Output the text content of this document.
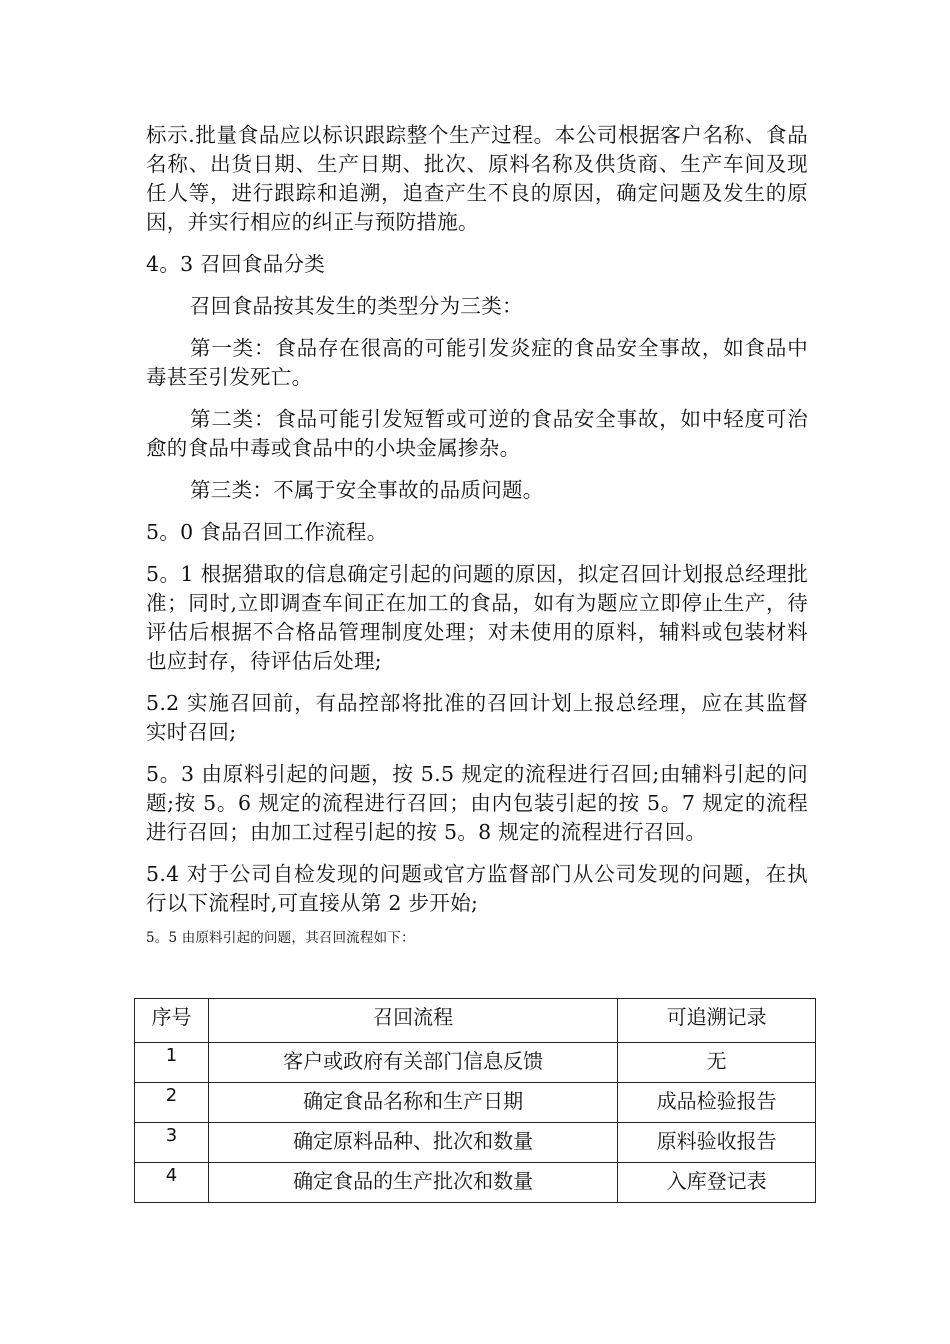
标示.批量食品应以标识跟踪整个生产过程。本公司根据客户名称、食品名称、出货日期、生产日期、批次、原料名称及供货商、生产车间及现任人等，进行跟踪和追溯，追查产生不良的原因，确定问题及发生的原因，并实行相应的纠正与预防措施。

4。3 召回食品分类

召回食品按其发生的类型分为三类：

第一类：食品存在很高的可能引发炎症的食品安全事故，如食品中毒甚至引发死亡。

第二类：食品可能引发短暂或可逆的食品安全事故，如中轻度可治愈的食品中毒或食品中的小块金属掺杂。

第三类：不属于安全事故的品质问题。

5。0 食品召回工作流程。

5。1 根据猎取的信息确定引起的问题的原因，拟定召回计划报总经理批准；同时,立即调查车间正在加工的食品，如有为题应立即停止生产，待评估后根据不合格品管理制度处理；对未使用的原料，辅料或包装材料也应封存，待评估后处理;

5.2 实施召回前，有品控部将批准的召回计划上报总经理，应在其监督实时召回;

5。3 由原料引起的问题，按 5.5 规定的流程进行召回;由辅料引起的问题;按 5。6 规定的流程进行召回；由内包装引起的按 5。7 规定的流程进行召回；由加工过程引起的按 5。8 规定的流程进行召回。

5.4 对于公司自检发现的问题或官方监督部门从公司发现的问题，在执行以下流程时,可直接从第 2 步开始;

5。5 由原料引起的问题，其召回流程如下：

序号	召回流程	可追溯记录
1	客户或政府有关部门信息反馈	无
2	确定食品名称和生产日期	成品检验报告
3	确定原料品种、批次和数量	原料验收报告
4	确定食品的生产批次和数量	入库登记表
